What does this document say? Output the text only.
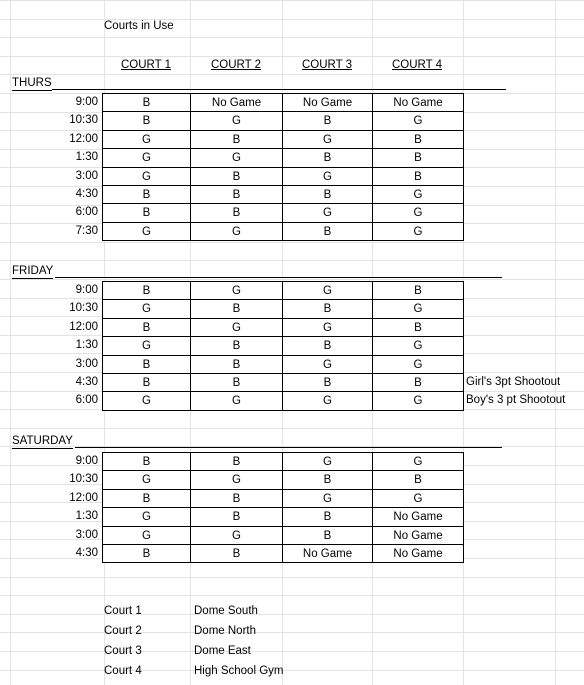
Courts in Use
COURT 1	COURT 2	COURT 3	COURT 4
THURS
9:00	B	No Game	No Game	No Game
10:30	B	G	B	G
12:00	G	B	G	B
1:30	G	G	B	B
3:00	G	B	G	B
4:30	B	B	B	G
6:00	B	B	G	G
7:30	G	G	B	G
FRIDAY
9:00	B	G	G	B
10:30	G	B	B	G
12:00	B	G	G	B
1:30	G	B	B	G
3:00	B	B	G	G
4:30	B	B	B	B	Girl's 3pt Shootout
6:00	G	G	G	G	Boy's 3 pt Shootout
SATURDAY
9:00	B	B	G	G
10:30	G	G	B	B
12:00	B	B	G	G
1:30	G	B	B	No Game
3:00	G	G	B	No Game
4:30	B	B	No Game	No Game
Court 1	Dome South
Court 2	Dome North
Court 3	Dome East
Court 4	High School Gym
